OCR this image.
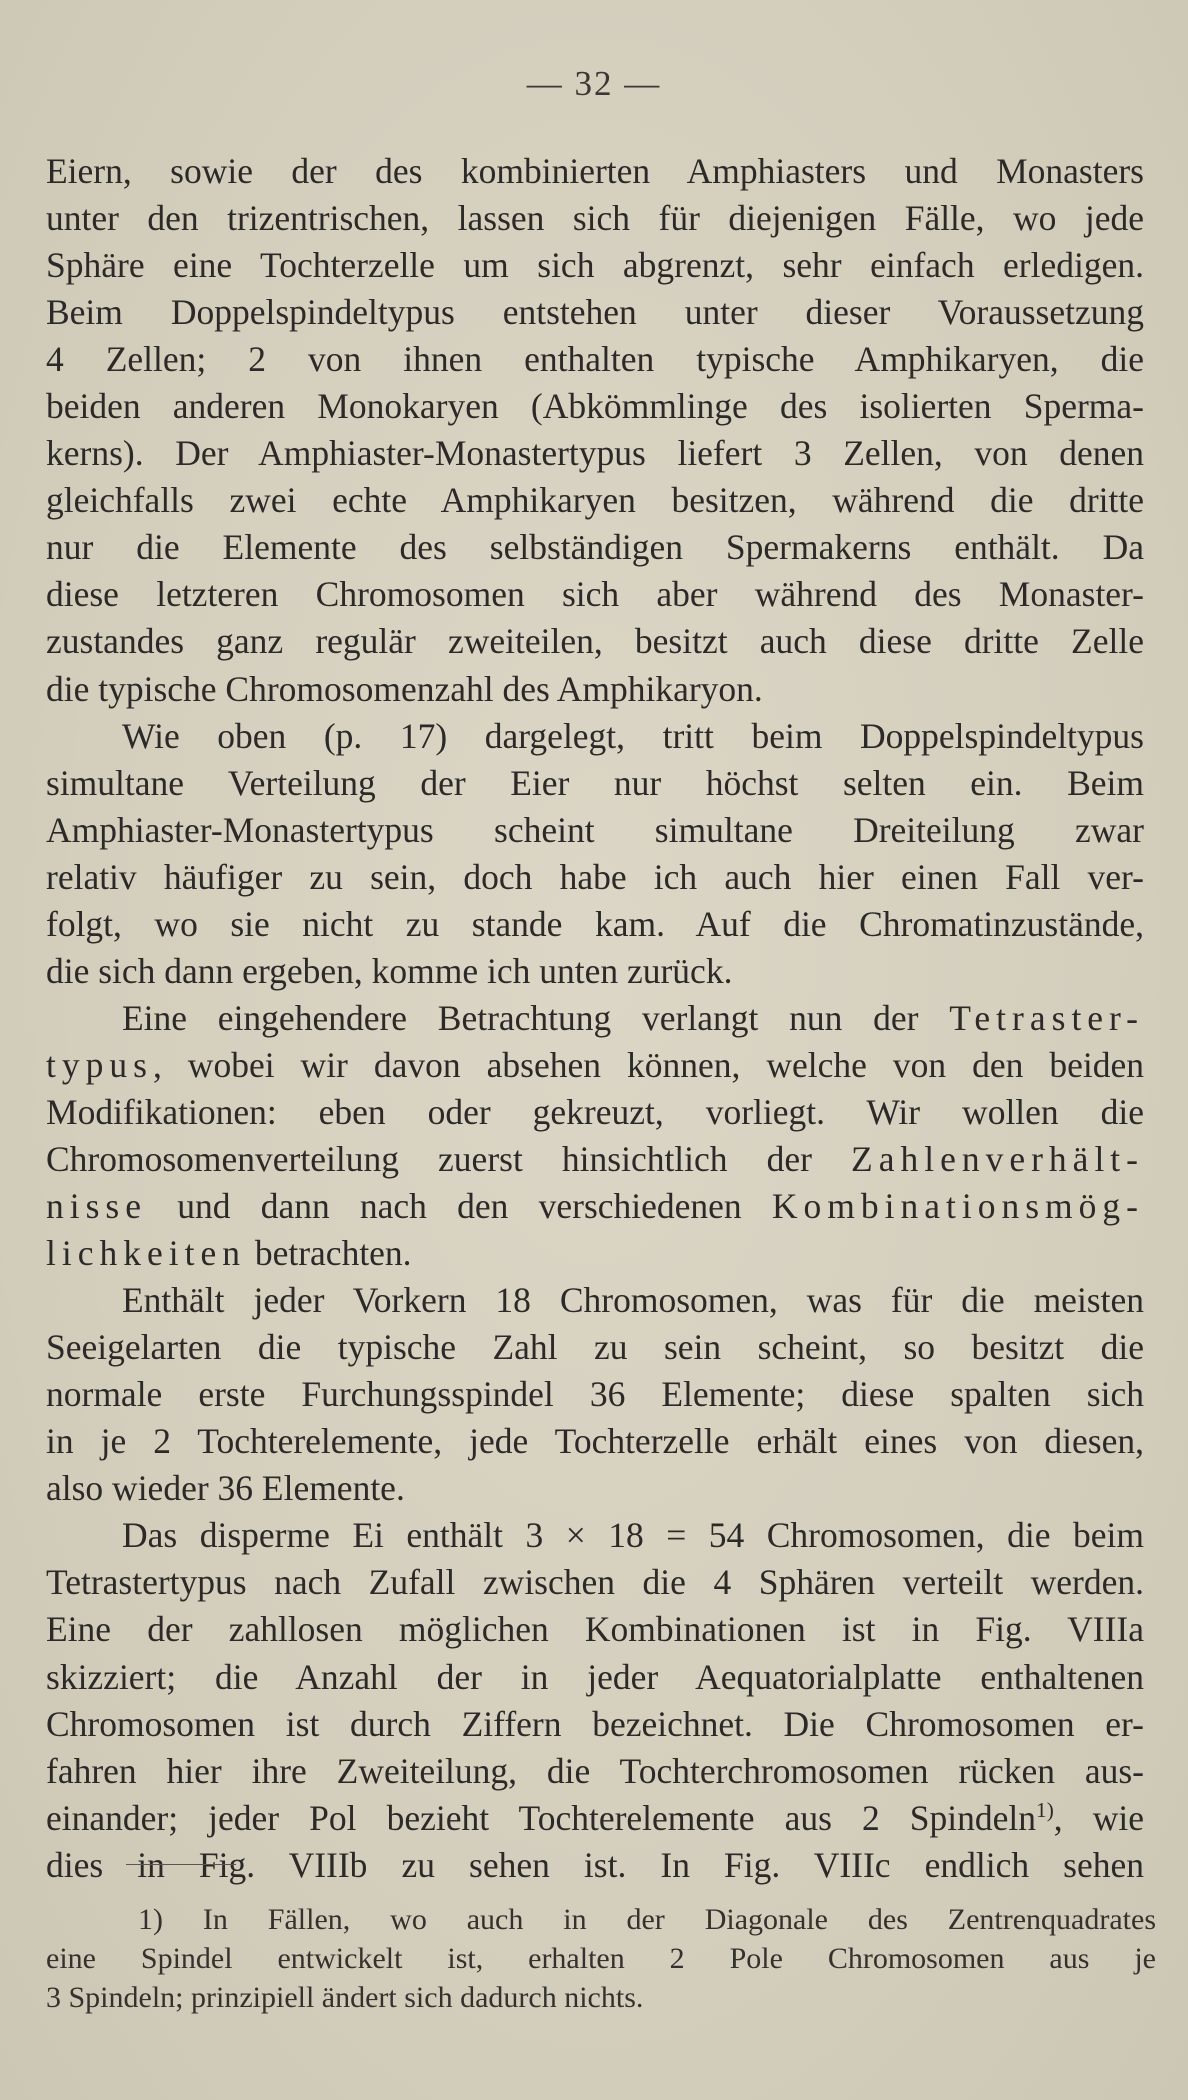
— 32 —
Eiern, sowie der des kombinierten Amphiasters und Monasters
unter den trizentrischen, lassen sich für diejenigen Fälle, wo jede
Sphäre eine Tochterzelle um sich abgrenzt, sehr einfach erledigen.
Beim Doppelspindeltypus entstehen unter dieser Voraussetzung
4 Zellen; 2 von ihnen enthalten typische Amphikaryen, die
beiden anderen Monokaryen (Abkömmlinge des isolierten Sperma-
kerns). Der Amphiaster-Monastertypus liefert 3 Zellen, von denen
gleichfalls zwei echte Amphikaryen besitzen, während die dritte
nur die Elemente des selbständigen Spermakerns enthält. Da
diese letzteren Chromosomen sich aber während des Monaster-
zustandes ganz regulär zweiteilen, besitzt auch diese dritte Zelle
die typische Chromosomenzahl des Amphikaryon.
Wie oben (p. 17) dargelegt, tritt beim Doppelspindeltypus
simultane Verteilung der Eier nur höchst selten ein. Beim
Amphiaster-Monastertypus scheint simultane Dreiteilung zwar
relativ häufiger zu sein, doch habe ich auch hier einen Fall ver-
folgt, wo sie nicht zu stande kam. Auf die Chromatinzustände,
die sich dann ergeben, komme ich unten zurück.
Eine eingehendere Betrachtung verlangt nun der Tetraster-
typus, wobei wir davon absehen können, welche von den beiden
Modifikationen: eben oder gekreuzt, vorliegt. Wir wollen die
Chromosomenverteilung zuerst hinsichtlich der Zahlenverhält-
nisse und dann nach den verschiedenen Kombinationsmög-
lichkeiten betrachten.
Enthält jeder Vorkern 18 Chromosomen, was für die meisten
Seeigelarten die typische Zahl zu sein scheint, so besitzt die
normale erste Furchungsspindel 36 Elemente; diese spalten sich
in je 2 Tochterelemente, jede Tochterzelle erhält eines von diesen,
also wieder 36 Elemente.
Das disperme Ei enthält 3 × 18 = 54 Chromosomen, die beim
Tetrastertypus nach Zufall zwischen die 4 Sphären verteilt werden.
Eine der zahllosen möglichen Kombinationen ist in Fig. VIIIa
skizziert; die Anzahl der in jeder Aequatorialplatte enthaltenen
Chromosomen ist durch Ziffern bezeichnet. Die Chromosomen er-
fahren hier ihre Zweiteilung, die Tochterchromosomen rücken aus-
einander; jeder Pol bezieht Tochterelemente aus 2 Spindeln$^{1)}$, wie
dies in Fig. VIIIb zu sehen ist. In Fig. VIIIc endlich sehen
1) In Fällen, wo auch in der Diagonale des Zentrenquadrates
eine Spindel entwickelt ist, erhalten 2 Pole Chromosomen aus je
3 Spindeln; prinzipiell ändert sich dadurch nichts.
